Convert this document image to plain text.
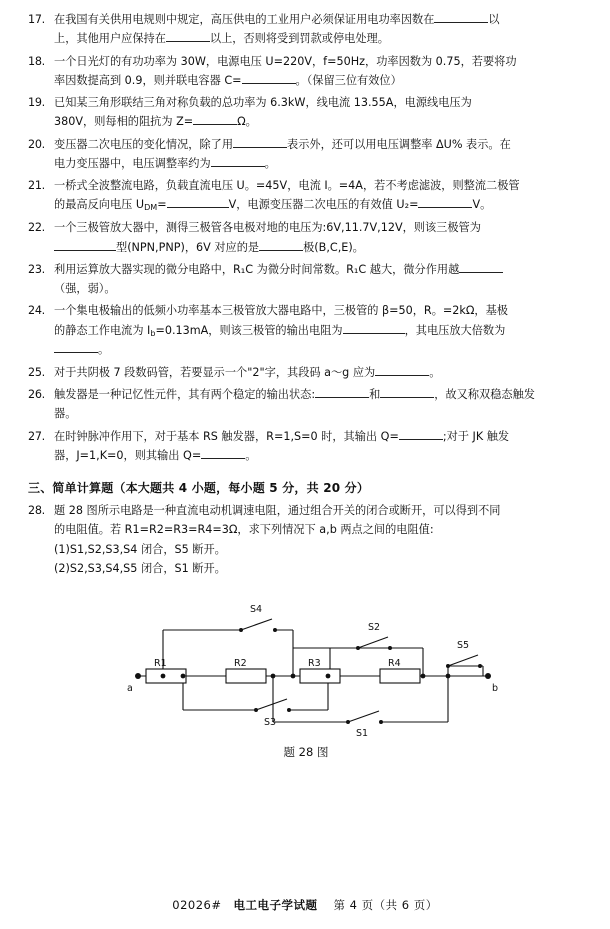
17. 在我国有关供用电规则中规定，高压供电的工业用户必须保证用电功率因数在	以
上，其他用户应保持在	以上，否则将受到罚款或停电处理。
18. 一个日光灯的有功功率为 30W，电源电压 U=220V，f=50Hz，功率因数为 0.75，若要将功
率因数提高到 0.9，则并联电容器 C=	。（保留三位有效位）
19. 已知某三角形联结三角对称负载的总功率为 6.3kW，线电流 13.55A，电源线电压为
380V，则每相的阻抗为 Z=	Ω。
20. 变压器二次电压的变化情况，除了用	表示外，还可以用电压调整率 ΔU% 表示。在
电力变压器中，电压调整率约为	。
21. 一桥式全波整流电路，负载直流电压 U。=45V，电流 I。=4A，若不考虑滤波，则整流二极管
的最高反向电压 $U_{DM}=$	V，电源变压器二次电压的有效值 U₂=	V。
22. 一个三极管放大器中，测得三极管各电极对地的电压为:6V,11.7V,12V，则该三极管为
型(NPN,PNP)，6V 对应的是	极(B,C,E)。
23. 利用运算放大器实现的微分电路中，R₁C 为微分时间常数。R₁C 越大，微分作用越
（强，弱）。
24. 一个集电极输出的低频小功率基本三极管放大器电路中，三极管的 β=50，R。=2kΩ，基极
的静态工作电流为 $I_b=0.13mA$，则该三极管的输出电阻为	，其电压放大倍数为
。
25. 对于共阴极 7 段数码管，若要显示一个"2"字，其段码 a～g 应为	。
26. 触发器是一种记忆性元件，其有两个稳定的输出状态:	和	，故又称双稳态触发
器。
27. 在时钟脉冲作用下，对于基本 RS 触发器，R=1,S=0 时，其输出 Q=	;对于 JK 触发
器，J=1,K=0，则其输出 Q=	。
三、简单计算题（本大题共 4 小题，每小题 5 分，共 20 分）
28. 题 28 图所示电路是一种直流电动机调速电阻，通过组合开关的闭合或断开，可以得到不同
的电阻值。若 R1=R2=R3=R4=3Ω，求下列情况下 a,b 两点之间的电阻值:
(1)S1,S2,S3,S4 闭合，S5 断开。
(2)S2,S3,S4,S5 闭合，S1 断开。
a	b
R1	R2	R3	R4
S4
S2
S5
S3
S1
题 28 图
02026# 电工电子学试题 第 4 页（共 6 页）
